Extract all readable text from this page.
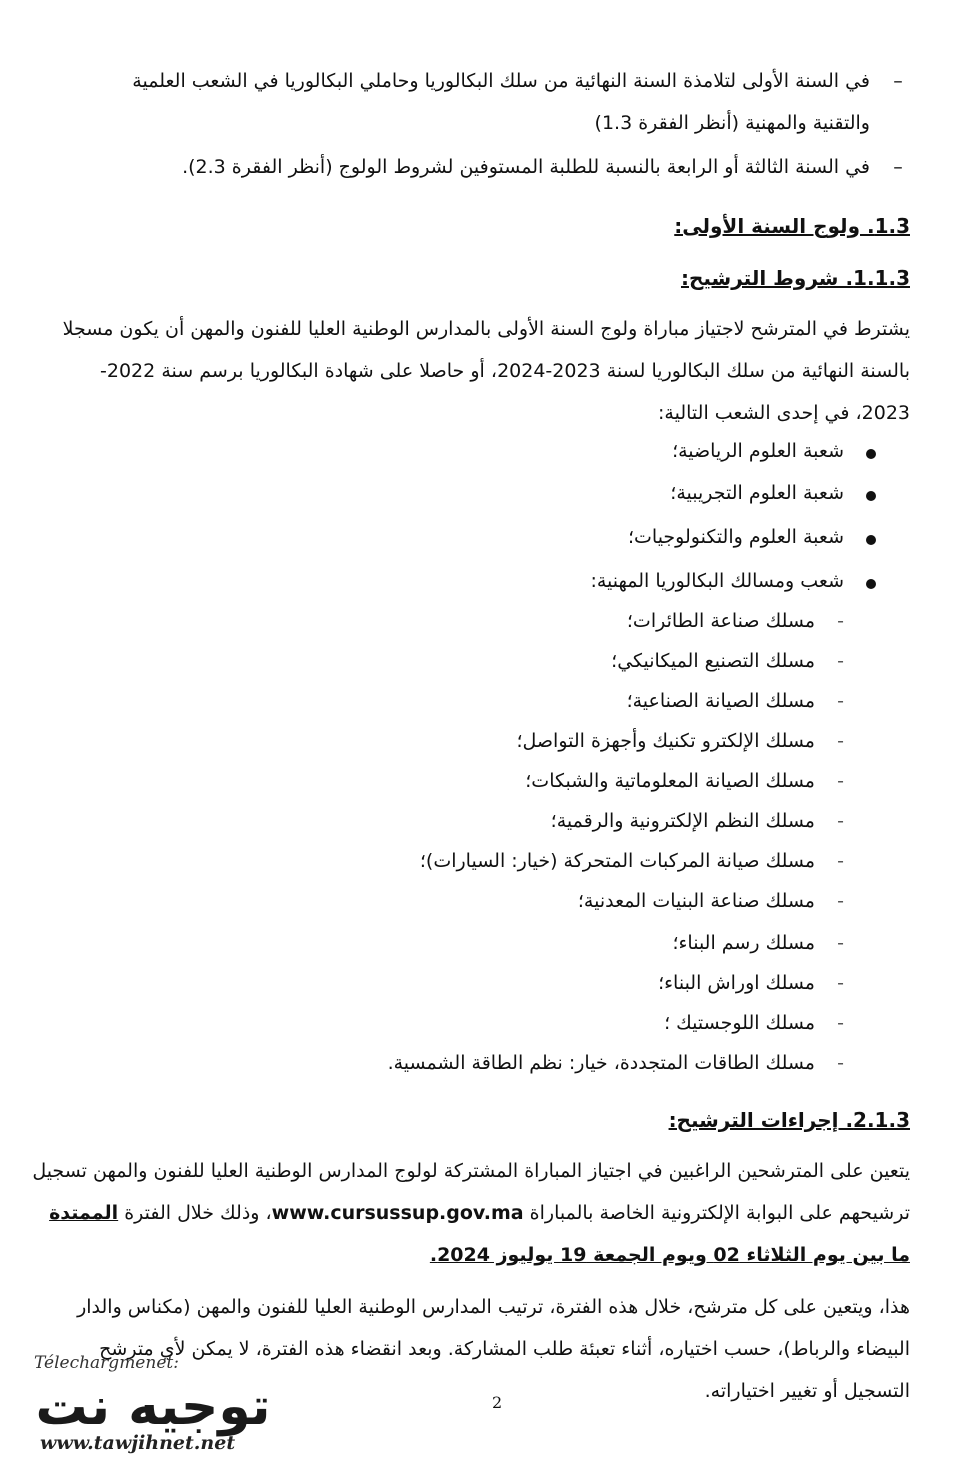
–
في السنة الأولى لتلامذة السنة النهائية من سلك البكالوريا وحاملي البكالوريا في الشعب العلمية
والتقنية والمهنية (أنظر الفقرة 1.3)
–
في السنة الثالثة أو الرابعة بالنسبة للطلبة المستوفين لشروط الولوج (أنظر الفقرة 2.3).
1.3. ولوج السنة الأولى:
1.1.3. شروط الترشيح:
يشترط في المترشح لاجتياز مباراة ولوج السنة الأولى بالمدارس الوطنية العليا للفنون والمهن أن يكون مسجلا
بالسنة النهائية من سلك البكالوريا لسنة 2023-2024، أو حاصلا على شهادة البكالوريا برسم سنة 2022-
2023، في إحدى الشعب التالية:
شعبة العلوم الرياضية؛
شعبة العلوم التجريبية؛
شعبة العلوم والتكنولوجيات؛
شعب ومسالك البكالوريا المهنية:
-
مسلك صناعة الطائرات؛
-
مسلك التصنيع الميكانيكي؛
-
مسلك الصيانة الصناعية؛
-
مسلك الإلكترو تكنيك وأجهزة التواصل؛
-
مسلك الصيانة المعلوماتية والشبكات؛
-
مسلك النظم الإلكترونية والرقمية؛
-
مسلك صيانة المركبات المتحركة (خيار: السيارات)؛
-
مسلك صناعة البنيات المعدنية؛
-
مسلك رسم البناء؛
-
مسلك اوراش البناء؛
-
مسلك اللوجستيك ؛
-
مسلك الطاقات المتجددة، خيار: نظم الطاقة الشمسية.
2.1.3. إجراءات الترشيح:
يتعين على المترشحين الراغبين في اجتياز المباراة المشتركة لولوج المدارس الوطنية العليا للفنون والمهن تسجيل
ترشيحهم على البوابة الإلكترونية الخاصة بالمباراة www.cursussup.gov.ma، وذلك خلال الفترة الممتدة
ما بين يوم الثلاثاء 02 ويوم الجمعة 19 يوليوز 2024.
هذا، ويتعين على كل مترشح، خلال هذه الفترة، ترتيب المدارس الوطنية العليا للفنون والمهن (مكناس والدار
البيضاء والرباط)، حسب اختياره، أثناء تعبئة طلب المشاركة. وبعد انقضاء هذه الفترة، لا يمكن لأي مترشح
التسجيل أو تغيير اختياراته.
2
Télechargmenet:
توجيه نت
www.tawjihnet.net
